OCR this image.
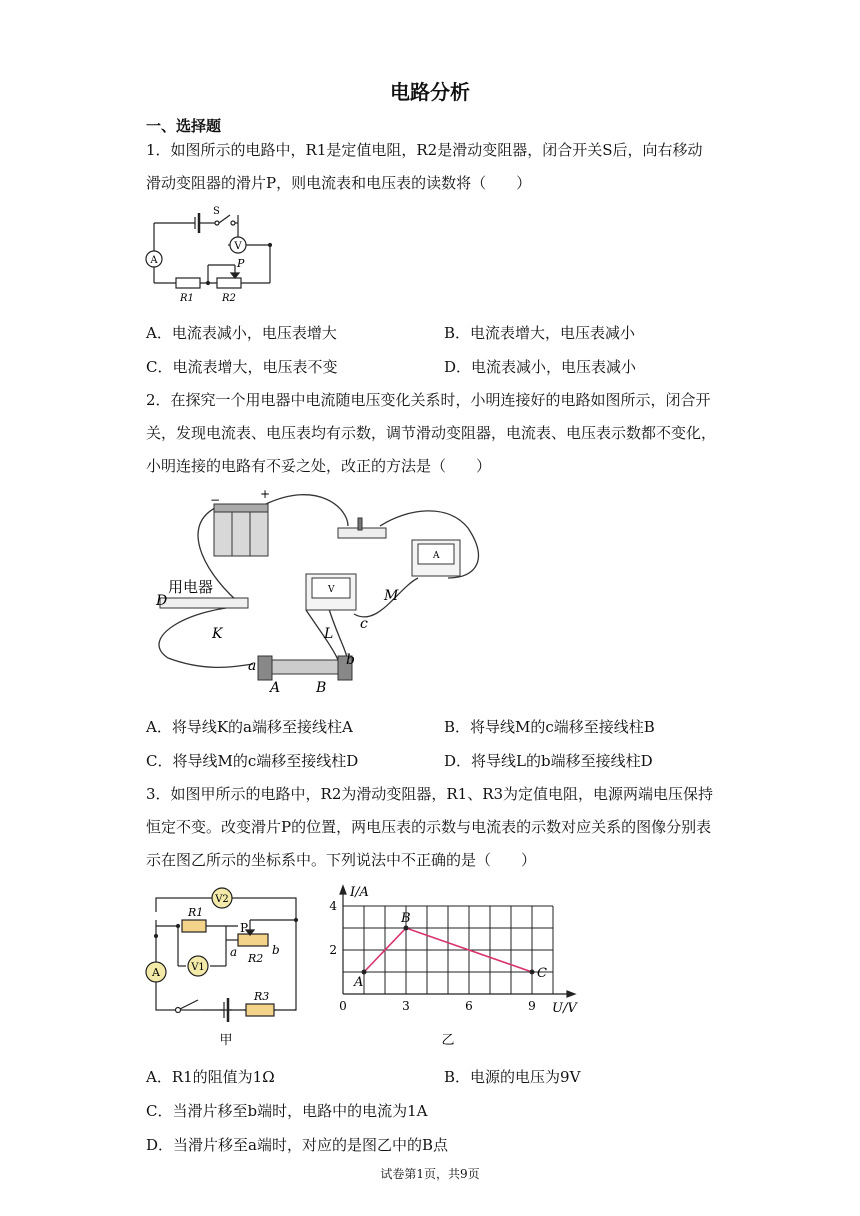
电路分析
一、选择题
1．如图所示的电路中，R1是定值电阻，R2是滑动变阻器，闭合开关S后，向右移动滑动变阻器的滑片P，则电流表和电压表的读数将（　　）
V
A
S
P
R1	R2
A．电流表减小，电压表增大	B．电流表增大，电压表减小
C．电流表增大，电压表不变	D．电流表减小，电压表减小
2．在探究一个用电器中电流随电压变化关系时，小明连接好的电路如图所示，闭合开关，发现电流表、电压表均有示数，调节滑动变阻器，电流表、电压表示数都不变化，小明连接的电路有不妥之处，改正的方法是（　　）
−	+
V
A
用电器
D
K	L
M
c
a	b
A	B
A．将导线K的a端移至接线柱A	B．将导线M的c端移至接线柱B
C．将导线M的c端移至接线柱D	D．将导线L的b端移至接线柱D
3．如图甲所示的电路中，R2为滑动变阻器，R1、R3为定值电阻，电源两端电压保持恒定不变。改变滑片P的位置，两电压表的示数与电流表的示数对应关系的图像分别表示在图乙所示的坐标系中。下列说法中不正确的是（　　）
V2
V1
A
R1
P
a	b
R2
R3
甲
A
B
C
0	3	6	9
2
4
I/A
U/V
乙
A．R1的阻值为1Ω	B．电源的电压为9V
C．当滑片移至b端时，电路中的电流为1A
D．当滑片移至a端时，对应的是图乙中的B点
试卷第1页，共9页
